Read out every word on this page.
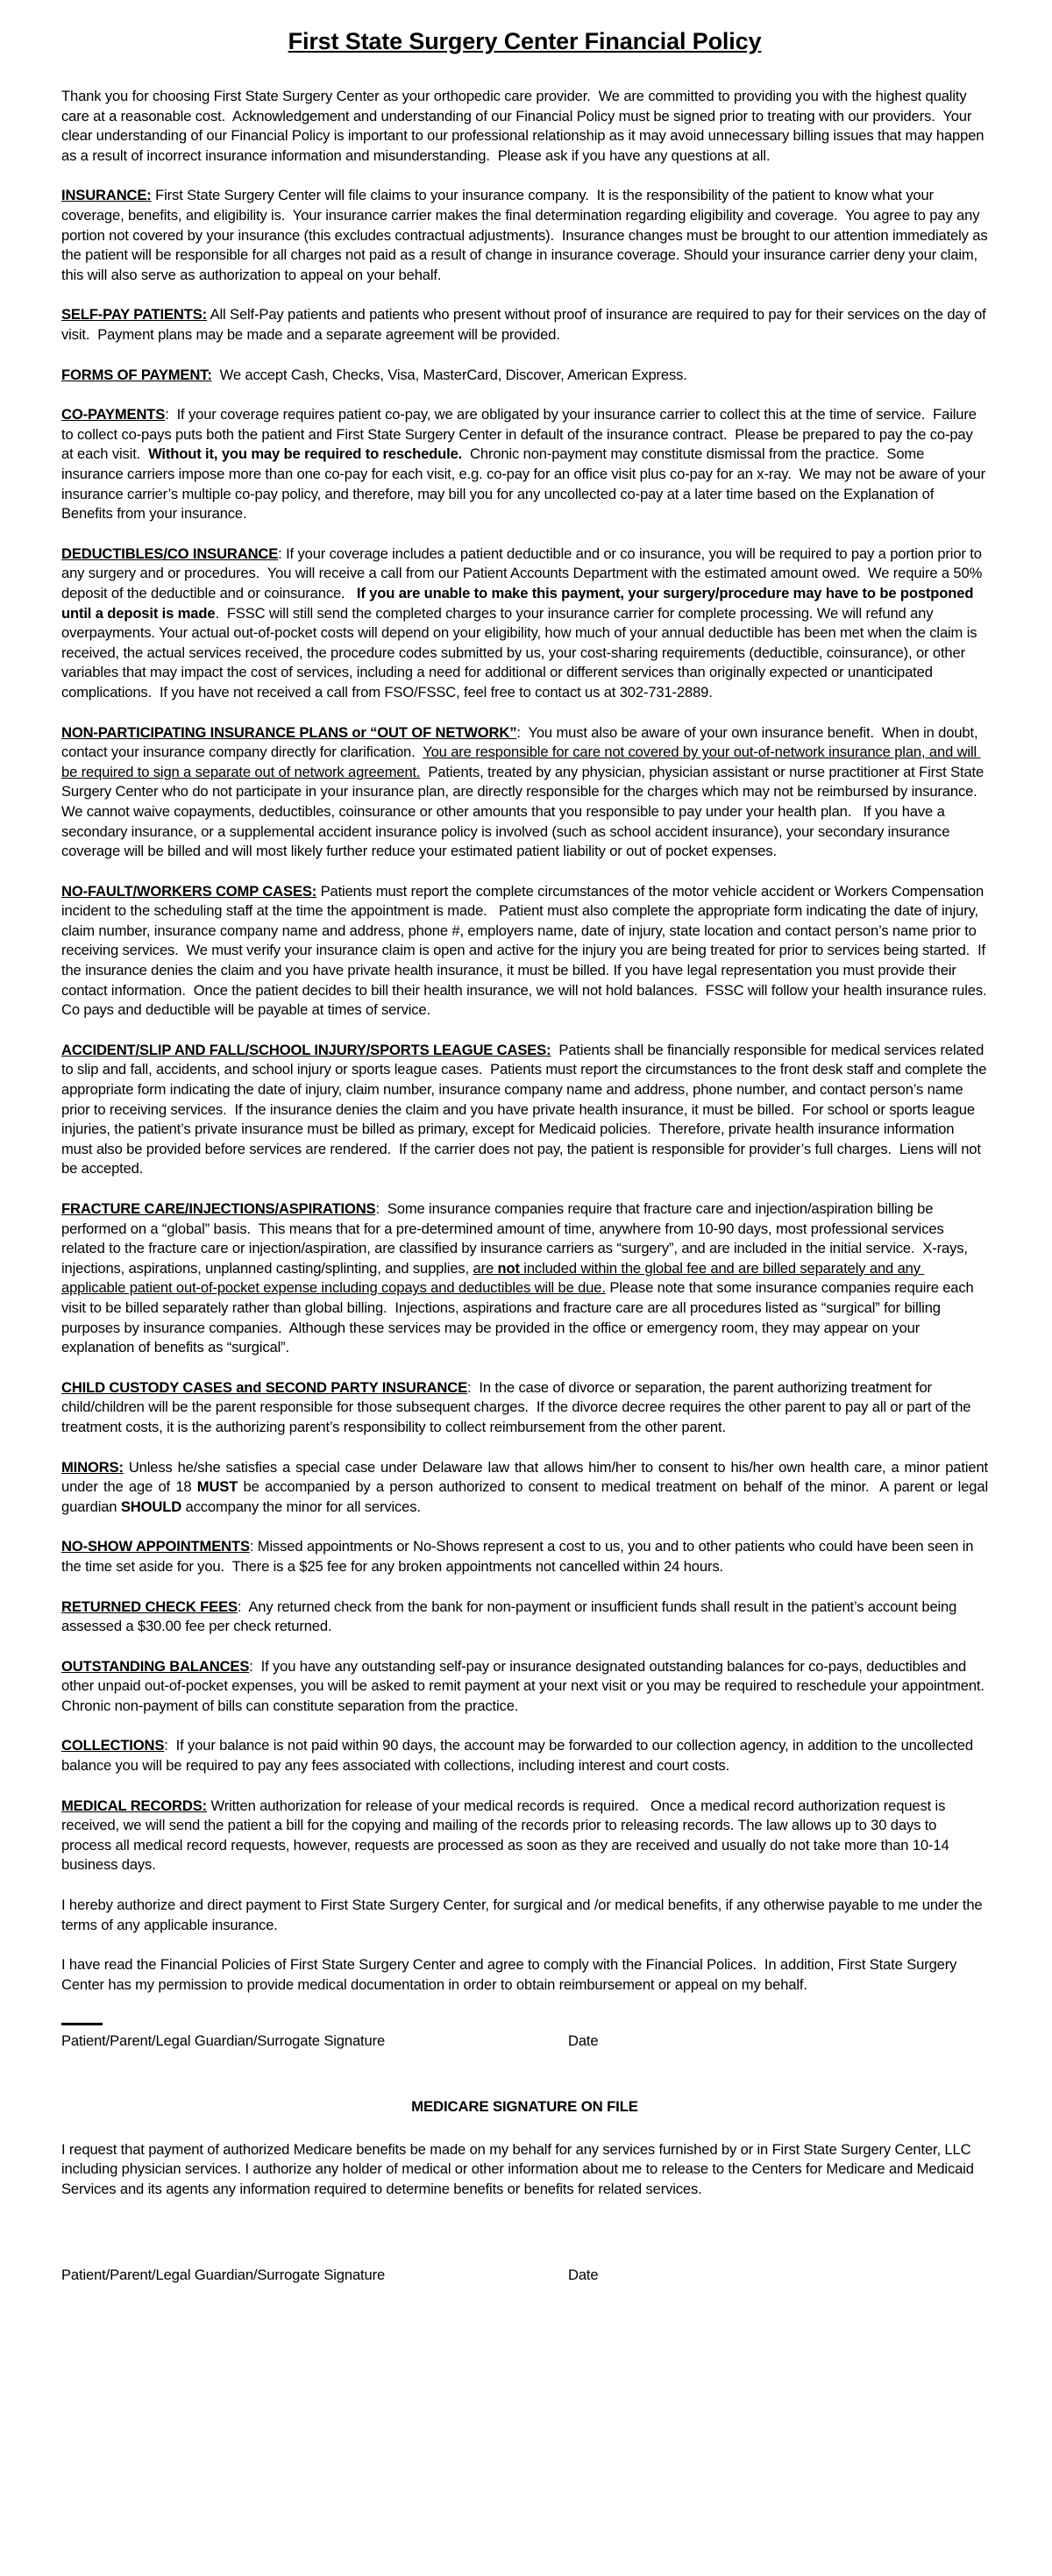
First State Surgery Center Financial Policy

Thank you for choosing First State Surgery Center as your orthopedic care provider.  We are committed to providing you with the highest quality care at a reasonable cost.  Acknowledgement and understanding of our Financial Policy must be signed prior to treating with our providers.  Your clear understanding of our Financial Policy is important to our professional relationship as it may avoid unnecessary billing issues that may happen as a result of incorrect insurance information and misunderstanding.  Please ask if you have any questions at all.

INSURANCE: First State Surgery Center will file claims to your insurance company.  It is the responsibility of the patient to know what your coverage, benefits, and eligibility is.  Your insurance carrier makes the final determination regarding eligibility and coverage.  You agree to pay any portion not covered by your insurance (this excludes contractual adjustments).  Insurance changes must be brought to our attention immediately as the patient will be responsible for all charges not paid as a result of change in insurance coverage. Should your insurance carrier deny your claim, this will also serve as authorization to appeal on your behalf.

SELF-PAY PATIENTS: All Self-Pay patients and patients who present without proof of insurance are required to pay for their services on the day of visit.  Payment plans may be made and a separate agreement will be provided.

FORMS OF PAYMENT:  We accept Cash, Checks, Visa, MasterCard, Discover, American Express.

CO-PAYMENTS:  If your coverage requires patient co-pay, we are obligated by your insurance carrier to collect this at the time of service.  Failure to collect co-pays puts both the patient and First State Surgery Center in default of the insurance contract.  Please be prepared to pay the co-pay at each visit.  Without it, you may be required to reschedule.  Chronic non-payment may constitute dismissal from the practice.  Some insurance carriers impose more than one co-pay for each visit, e.g. co-pay for an office visit plus co-pay for an x-ray.  We may not be aware of your insurance carrier’s multiple co-pay policy, and therefore, may bill you for any uncollected co-pay at a later time based on the Explanation of Benefits from your insurance.

DEDUCTIBLES/CO INSURANCE: If your coverage includes a patient deductible and or co insurance, you will be required to pay a portion prior to any surgery and or procedures.  You will receive a call from our Patient Accounts Department with the estimated amount owed.  We require a 50% deposit of the deductible and or coinsurance.   If you are unable to make this payment, your surgery/procedure may have to be postponed until a deposit is made.  FSSC will still send the completed charges to your insurance carrier for complete processing. We will refund any overpayments. Your actual out-of-pocket costs will depend on your eligibility, how much of your annual deductible has been met when the claim is received, the actual services received, the procedure codes submitted by us, your cost-sharing requirements (deductible, coinsurance), or other variables that may impact the cost of services, including a need for additional or different services than originally expected or unanticipated complications.  If you have not received a call from FSO/FSSC, feel free to contact us at 302-731-2889.

NON-PARTICIPATING INSURANCE PLANS or “OUT OF NETWORK”:  You must also be aware of your own insurance benefit.  When in doubt, contact your insurance company directly for clarification.  You are responsible for care not covered by your out-of-network insurance plan, and will be required to sign a separate out of network agreement.  Patients, treated by any physician, physician assistant or nurse practitioner at First State Surgery Center who do not participate in your insurance plan, are directly responsible for the charges which may not be reimbursed by insurance.  We cannot waive copayments, deductibles, coinsurance or other amounts that you responsible to pay under your health plan.   If you have a secondary insurance, or a supplemental accident insurance policy is involved (such as school accident insurance), your secondary insurance coverage will be billed and will most likely further reduce your estimated patient liability or out of pocket expenses.

NO-FAULT/WORKERS COMP CASES: Patients must report the complete circumstances of the motor vehicle accident or Workers Compensation incident to the scheduling staff at the time the appointment is made.   Patient must also complete the appropriate form indicating the date of injury, claim number, insurance company name and address, phone #, employers name, date of injury, state location and contact person’s name prior to receiving services.  We must verify your insurance claim is open and active for the injury you are being treated for prior to services being started.  If the insurance denies the claim and you have private health insurance, it must be billed. If you have legal representation you must provide their contact information.  Once the patient decides to bill their health insurance, we will not hold balances.  FSSC will follow your health insurance rules.  Co pays and deductible will be payable at times of service.

ACCIDENT/SLIP AND FALL/SCHOOL INJURY/SPORTS LEAGUE CASES:  Patients shall be financially responsible for medical services related to slip and fall, accidents, and school injury or sports league cases.  Patients must report the circumstances to the front desk staff and complete the appropriate form indicating the date of injury, claim number, insurance company name and address, phone number, and contact person’s name prior to receiving services.  If the insurance denies the claim and you have private health insurance, it must be billed.  For school or sports league injuries, the patient’s private insurance must be billed as primary, except for Medicaid policies.  Therefore, private health insurance information must also be provided before services are rendered.  If the carrier does not pay, the patient is responsible for provider’s full charges.  Liens will not be accepted.

FRACTURE CARE/INJECTIONS/ASPIRATIONS:  Some insurance companies require that fracture care and injection/aspiration billing be performed on a “global” basis.  This means that for a pre-determined amount of time, anywhere from 10-90 days, most professional services related to the fracture care or injection/aspiration, are classified by insurance carriers as “surgery”, and are included in the initial service.  X-rays, injections, aspirations, unplanned casting/splinting, and supplies, are not included within the global fee and are billed separately and any applicable patient out-of-pocket expense including copays and deductibles will be due. Please note that some insurance companies require each visit to be billed separately rather than global billing.  Injections, aspirations and fracture care are all procedures listed as “surgical” for billing purposes by insurance companies.  Although these services may be provided in the office or emergency room, they may appear on your explanation of benefits as “surgical”.

CHILD CUSTODY CASES and SECOND PARTY INSURANCE:  In the case of divorce or separation, the parent authorizing treatment for child/children will be the parent responsible for those subsequent charges.  If the divorce decree requires the other parent to pay all or part of the treatment costs, it is the authorizing parent’s responsibility to collect reimbursement from the other parent.

MINORS: Unless he/she satisfies a special case under Delaware law that allows him/her to consent to his/her own health care, a minor patient under the age of 18 MUST be accompanied by a person authorized to consent to medical treatment on behalf of the minor.  A parent or legal guardian SHOULD accompany the minor for all services.

NO-SHOW APPOINTMENTS: Missed appointments or No-Shows represent a cost to us, you and to other patients who could have been seen in the time set aside for you.  There is a $25 fee for any broken appointments not cancelled within 24 hours.

RETURNED CHECK FEES:  Any returned check from the bank for non-payment or insufficient funds shall result in the patient’s account being assessed a $30.00 fee per check returned.

OUTSTANDING BALANCES:  If you have any outstanding self-pay or insurance designated outstanding balances for co-pays, deductibles and other unpaid out-of-pocket expenses, you will be asked to remit payment at your next visit or you may be required to reschedule your appointment.  Chronic non-payment of bills can constitute separation from the practice.

COLLECTIONS:  If your balance is not paid within 90 days, the account may be forwarded to our collection agency, in addition to the uncollected balance you will be required to pay any fees associated with collections, including interest and court costs.

MEDICAL RECORDS: Written authorization for release of your medical records is required.   Once a medical record authorization request is received, we will send the patient a bill for the copying and mailing of the records prior to releasing records. The law allows up to 30 days to process all medical record requests, however, requests are processed as soon as they are received and usually do not take more than 10-14 business days.

I hereby authorize and direct payment to First State Surgery Center, for surgical and /or medical benefits, if any otherwise payable to me under the terms of any applicable insurance.

I have read the Financial Policies of First State Surgery Center and agree to comply with the Financial Polices.  In addition, First State Surgery Center has my permission to provide medical documentation in order to obtain reimbursement or appeal on my behalf.

Patient/Parent/Legal Guardian/Surrogate Signature	Date
MEDICARE SIGNATURE ON FILE

I request that payment of authorized Medicare benefits be made on my behalf for any services furnished by or in First State Surgery Center, LLC including physician services. I authorize any holder of medical or other information about me to release to the Centers for Medicare and Medicaid Services and its agents any information required to determine benefits or benefits for related services.

Patient/Parent/Legal Guardian/Surrogate Signature	Date
